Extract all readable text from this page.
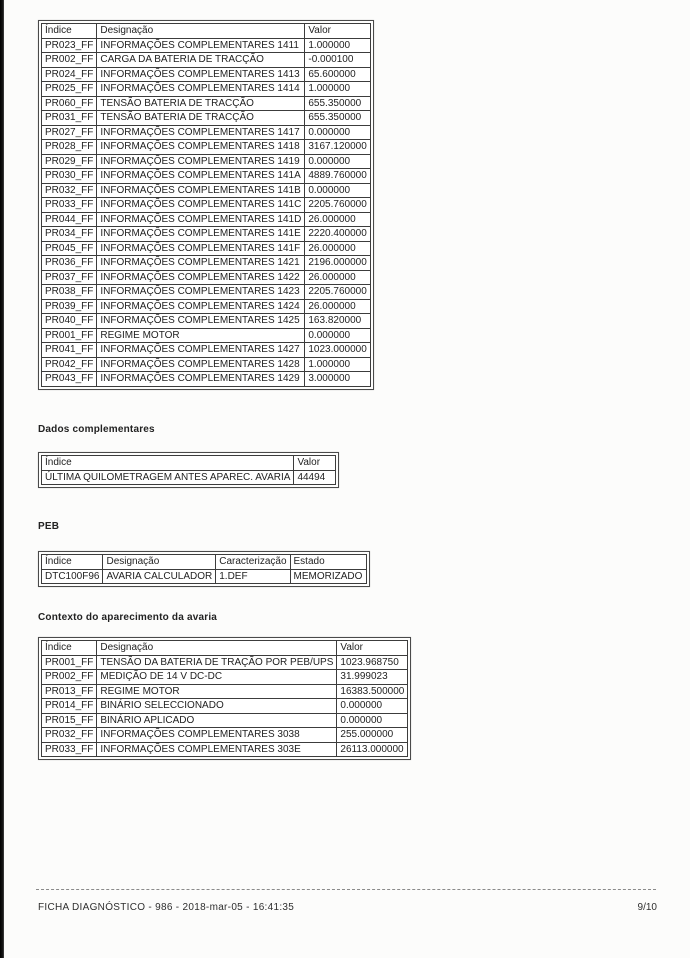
Índice	Designação	Valor
PR023_FF	INFORMAÇÕES COMPLEMENTARES 1411	1.000000
PR002_FF	CARGA DA BATERIA DE TRACÇÃO	-0.000100
PR024_FF	INFORMAÇÕES COMPLEMENTARES 1413	65.600000
PR025_FF	INFORMAÇÕES COMPLEMENTARES 1414	1.000000
PR060_FF	TENSÃO BATERIA DE TRACÇÃO	655.350000
PR031_FF	TENSÃO BATERIA DE TRACÇÃO	655.350000
PR027_FF	INFORMAÇÕES COMPLEMENTARES 1417	0.000000
PR028_FF	INFORMAÇÕES COMPLEMENTARES 1418	3167.120000
PR029_FF	INFORMAÇÕES COMPLEMENTARES 1419	0.000000
PR030_FF	INFORMAÇÕES COMPLEMENTARES 141A	4889.760000
PR032_FF	INFORMAÇÕES COMPLEMENTARES 141B	0.000000
PR033_FF	INFORMAÇÕES COMPLEMENTARES 141C	2205.760000
PR044_FF	INFORMAÇÕES COMPLEMENTARES 141D	26.000000
PR034_FF	INFORMAÇÕES COMPLEMENTARES 141E	2220.400000
PR045_FF	INFORMAÇÕES COMPLEMENTARES 141F	26.000000
PR036_FF	INFORMAÇÕES COMPLEMENTARES 1421	2196.000000
PR037_FF	INFORMAÇÕES COMPLEMENTARES 1422	26.000000
PR038_FF	INFORMAÇÕES COMPLEMENTARES 1423	2205.760000
PR039_FF	INFORMAÇÕES COMPLEMENTARES 1424	26.000000
PR040_FF	INFORMAÇÕES COMPLEMENTARES 1425	163.820000
PR001_FF	REGIME MOTOR	0.000000
PR041_FF	INFORMAÇÕES COMPLEMENTARES 1427	1023.000000
PR042_FF	INFORMAÇÕES COMPLEMENTARES 1428	1.000000
PR043_FF	INFORMAÇÕES COMPLEMENTARES 1429	3.000000
Dados complementares
Índice	Valor
ÚLTIMA QUILOMETRAGEM ANTES APAREC. AVARIA	44494
PEB
Índice	Designação	Caracterização	Estado
DTC100F96	AVARIA CALCULADOR	1.DEF	MEMORIZADO
Contexto do aparecimento da avaria
Índice	Designação	Valor
PR001_FF	TENSÃO DA BATERIA DE TRAÇÃO POR PEB/UPS	1023.968750
PR002_FF	MEDIÇÃO DE 14 V DC-DC	31.999023
PR013_FF	REGIME MOTOR	16383.500000
PR014_FF	BINÁRIO SELECCIONADO	0.000000
PR015_FF	BINÁRIO APLICADO	0.000000
PR032_FF	INFORMAÇÕES COMPLEMENTARES 3038	255.000000
PR033_FF	INFORMAÇÕES COMPLEMENTARES 303E	26113.000000
FICHA DIAGNÓSTICO - 986 - 2018-mar-05 - 16:41:35	9/10
